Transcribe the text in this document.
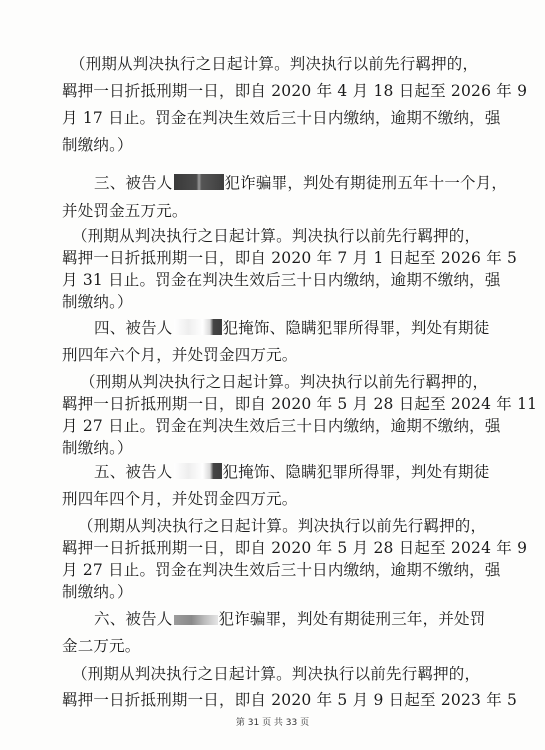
（刑期从判决执行之日起计算。判决执行以前先行羁押的，
羁押一日折抵刑期一日，即自 2020 年 4 月 18 日起至 2026 年 9
月 17 日止。罚金在判决生效后三十日内缴纳，逾期不缴纳，强
制缴纳。）
三、被告人	犯诈骗罪，判处有期徒刑五年十一个月，
并处罚金五万元。
（刑期从判决执行之日起计算。判决执行以前先行羁押的，
羁押一日折抵刑期一日，即自 2020 年 7 月 1 日起至 2026 年 5
月 31 日止。罚金在判决生效后三十日内缴纳，逾期不缴纳，强
制缴纳。）
四、被告人	犯掩饰、隐瞒犯罪所得罪，判处有期徒
刑四年六个月，并处罚金四万元。
（刑期从判决执行之日起计算。判决执行以前先行羁押的，
羁押一日折抵刑期一日，即自 2020 年 5 月 28 日起至 2024 年 11
月 27 日止。罚金在判决生效后三十日内缴纳，逾期不缴纳，强
制缴纳。）
五、被告人	犯掩饰、隐瞒犯罪所得罪，判处有期徒
刑四年四个月，并处罚金四万元。
（刑期从判决执行之日起计算。判决执行以前先行羁押的，
羁押一日折抵刑期一日，即自 2020 年 5 月 28 日起至 2024 年 9
月 27 日止。罚金在判决生效后三十日内缴纳，逾期不缴纳，强
制缴纳。）
第 31 页 共 33 页
六、被告人	犯诈骗罪，判处有期徒刑三年，并处罚
金二万元。
（刑期从判决执行之日起计算。判决执行以前先行羁押的，
羁押一日折抵刑期一日，即自 2020 年 5 月 9 日起至 2023 年 5
